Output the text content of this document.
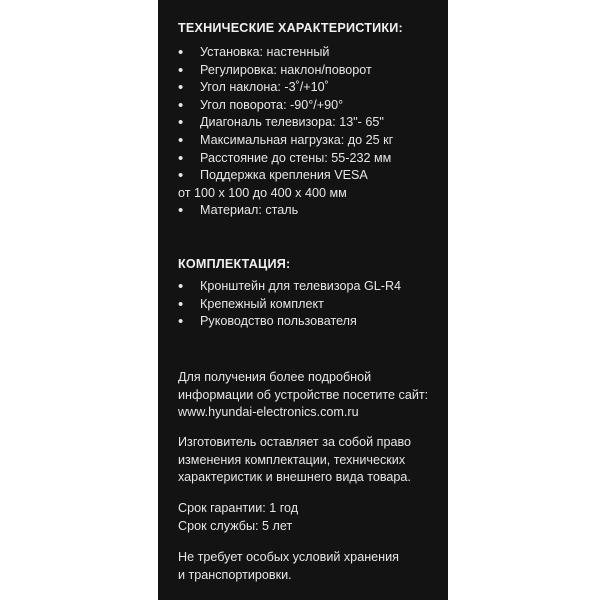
ТЕХНИЧЕСКИЕ ХАРАКТЕРИСТИКИ:

• Установка: настенный
• Регулировка: наклон/поворот
• Угол наклона: -3˚/+10˚
• Угол поворота: -90°/+90°
• Диагональ телевизора: 13"- 65"
• Максимальная нагрузка: до 25 кг
• Расстояние до стены: 55-232 мм
• Поддержка крепления VESA
от 100 х 100 до 400 х 400 мм
• Материал: сталь

КОМПЛЕКТАЦИЯ:

• Кронштейн для телевизора GL-R4
• Крепежный комплект
• Руководство пользователя

Для получения более подробной
информации об устройстве посетите сайт:
www.hyundai-electronics.com.ru

Изготовитель оставляет за собой право
изменения комплектации, технических
характеристик и внешнего вида товара.

Срок гарантии: 1 год
Срок службы: 5 лет

Не требует особых условий хранения
и транспортировки.
